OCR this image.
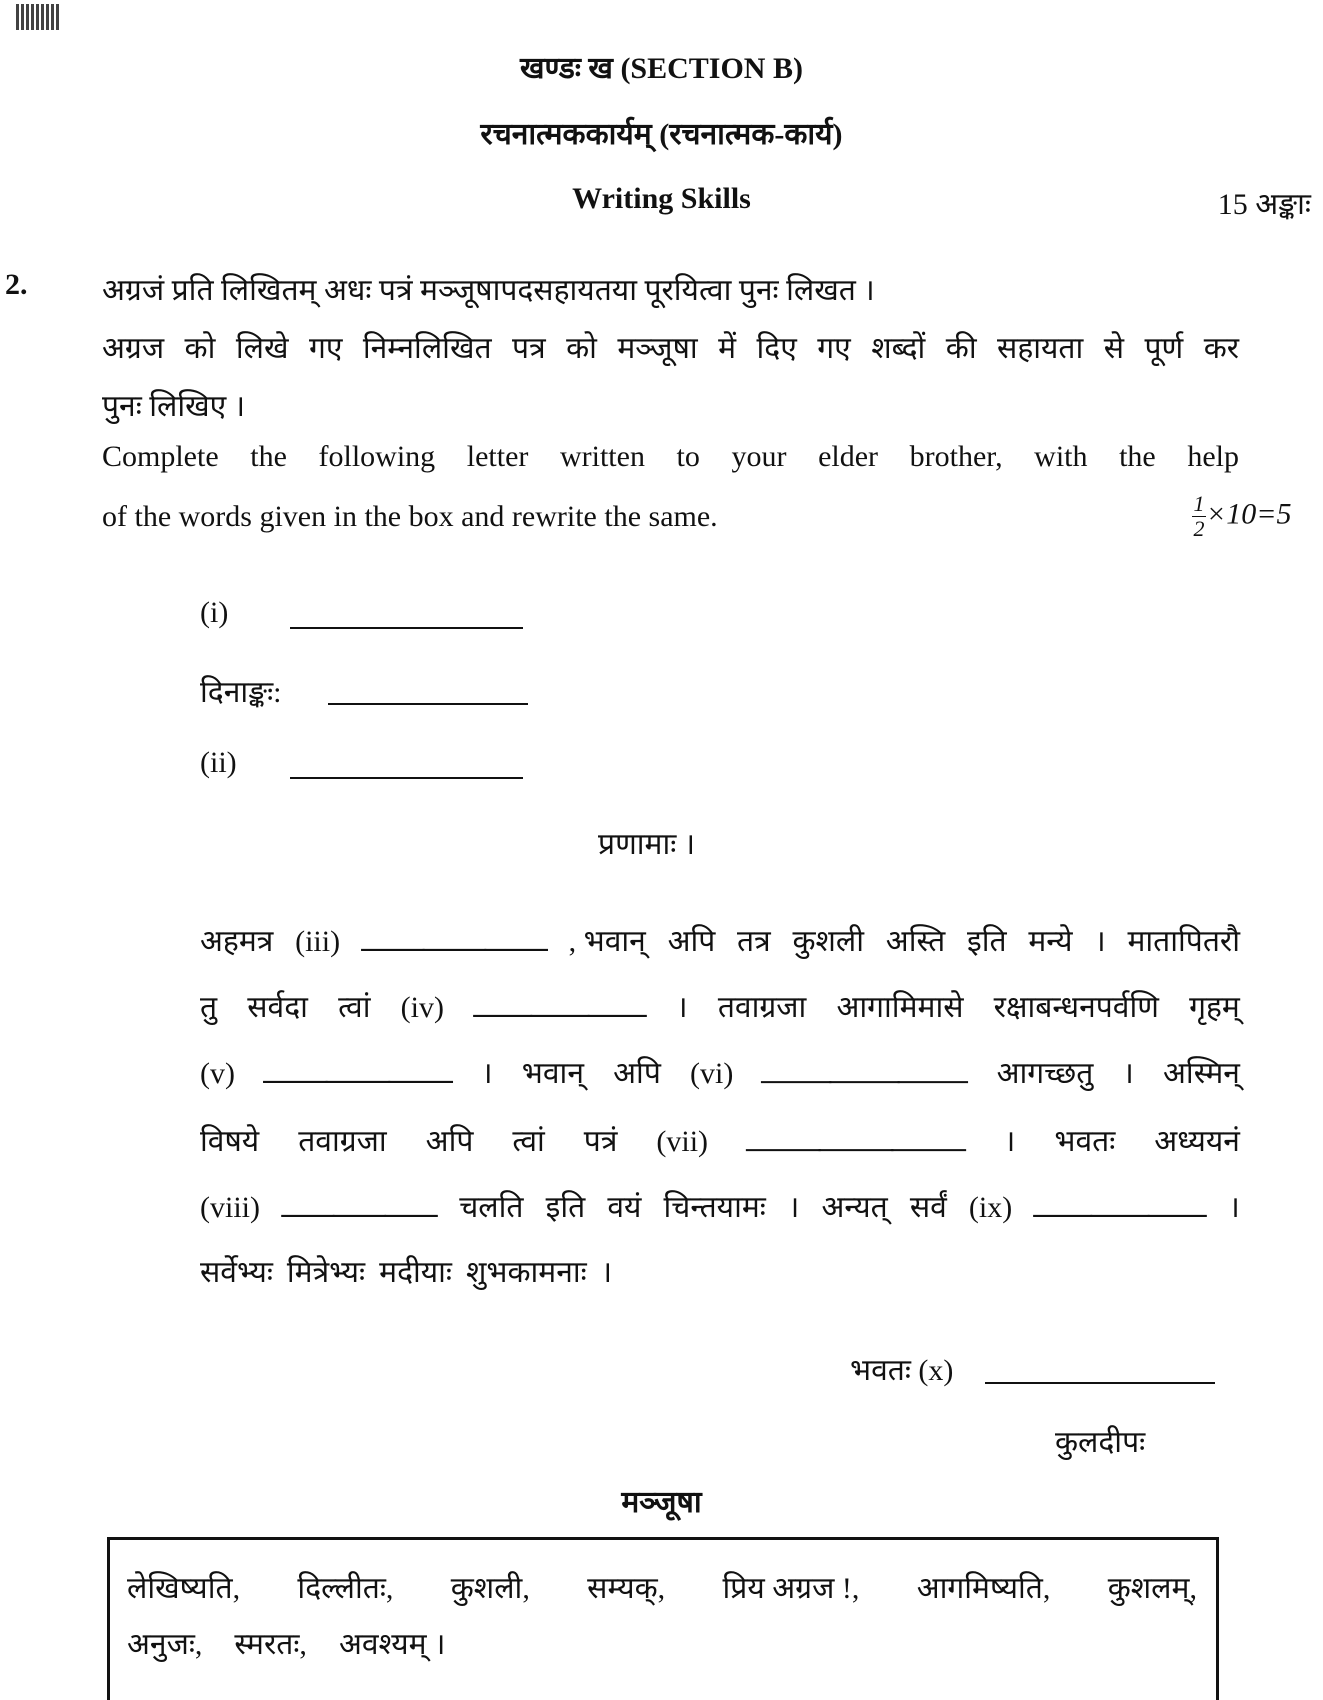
खण्डः ख (SECTION B)
रचनात्मककार्यम् (रचनात्मक-कार्य)
Writing Skills	15 अङ्काः
2. अग्रजं प्रति लिखितम् अधः पत्रं मञ्जूषापदसहायतया पूरयित्वा पुनः लिखत ।
अग्रज को लिखे गए निम्नलिखित पत्र को मञ्जूषा में दिए गए शब्दों की सहायता से पूर्ण कर
पुनः लिखिए ।
Complete the following letter written to your elder brother, with the help
of the words given in the box and rewrite the same.	$\frac{1}{2} \times 10=5$
(i)
दिनाङ्कः:
(ii)
प्रणामाः ।
अहमत्र (iii) ___ , भवान् अपि तत्र कुशली अस्ति इति मन्ये । मातापितरौ
तु सर्वदा त्वां (iv) ___ । तवाग्रजा आगामिमासे रक्षाबन्धनपर्वणि गृहम्
(v) ___ । भवान् अपि (vi) ___ आगच्छतु । अस्मिन्
विषये तवाग्रजा अपि त्वां पत्रं (vii) ___ । भवतः अध्ययनं
(viii) ___ चलति इति वयं चिन्तयामः । अन्यत् सर्वं (ix) ___ ।
सर्वेभ्यः मित्रेभ्यः मदीयाः शुभकामनाः ।
भवतः (x)
कुलदीपः
मञ्जूषा
लेखिष्यति, दिल्लीतः, कुशली, सम्यक्, प्रिय अग्रज !, आगमिष्यति, कुशलम्,
अनुजः, स्मरतः, अवश्यम् ।
